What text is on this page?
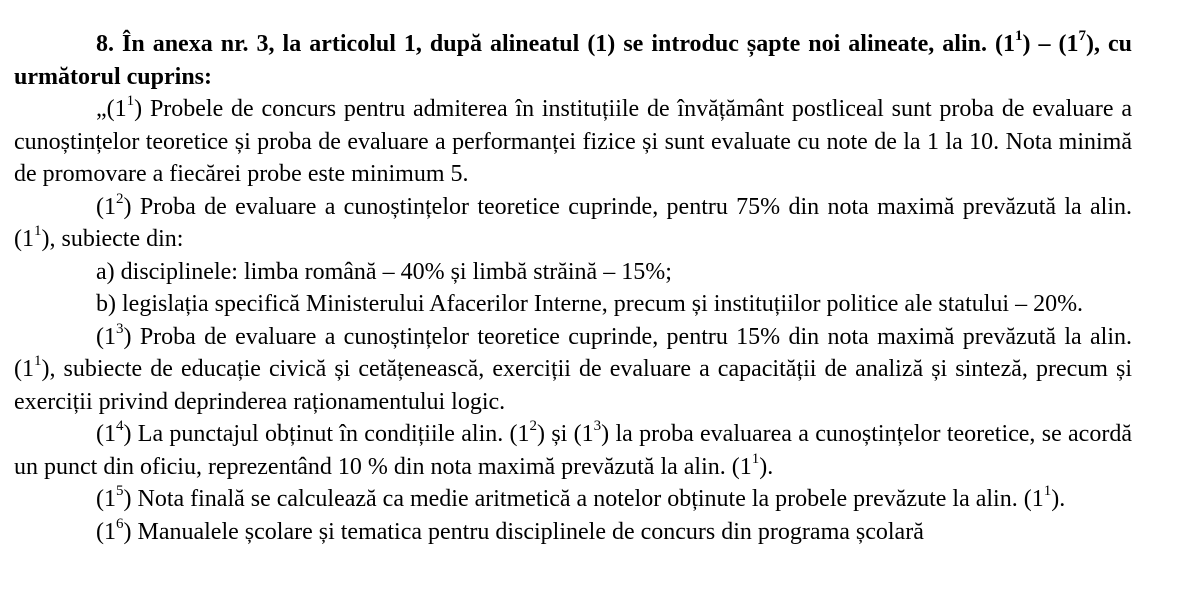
8. În anexa nr. 3, la articolul 1, după alineatul (1) se introduc șapte noi alineate, alin. $(1^1) - (1^7)$, cu următorul cuprins:

$„(1^1)$ Probele de concurs pentru admiterea în instituțiile de învățământ postliceal sunt proba de evaluare a cunoștințelor teoretice și proba de evaluare a performanței fizice și sunt evaluate cu note de la 1 la 10. Nota minimă de promovare a fiecărei probe este minimum 5.

$(1^2)$ Proba de evaluare a cunoștințelor teoretice cuprinde, pentru 75% din nota maximă prevăzută la alin. $(1^1)$, subiecte din:

a) disciplinele: limba română – 40% și limbă străină – 15%;

b) legislația specifică Ministerului Afacerilor Interne, precum și instituțiilor politice ale statului – 20%.

$(1^3)$ Proba de evaluare a cunoștințelor teoretice cuprinde, pentru 15% din nota maximă prevăzută la alin. $(1^1)$, subiecte de educație civică și cetățenească, exerciții de evaluare a capacității de analiză și sinteză, precum și exerciții privind deprinderea raționamentului logic.

$(1^4)$ La punctajul obținut în condițiile alin. $(1^2)$ și $(1^3)$ la proba evaluarea a cunoștințelor teoretice, se acordă un punct din oficiu, reprezentând 10 % din nota maximă prevăzută la alin. $(1^1)$.

$(1^5)$ Nota finală se calculează ca medie aritmetică a notelor obținute la probele prevăzute la alin. $(1^1)$.

$(1^6)$ Manualele școlare și tematica pentru disciplinele de concurs din programa școlară
